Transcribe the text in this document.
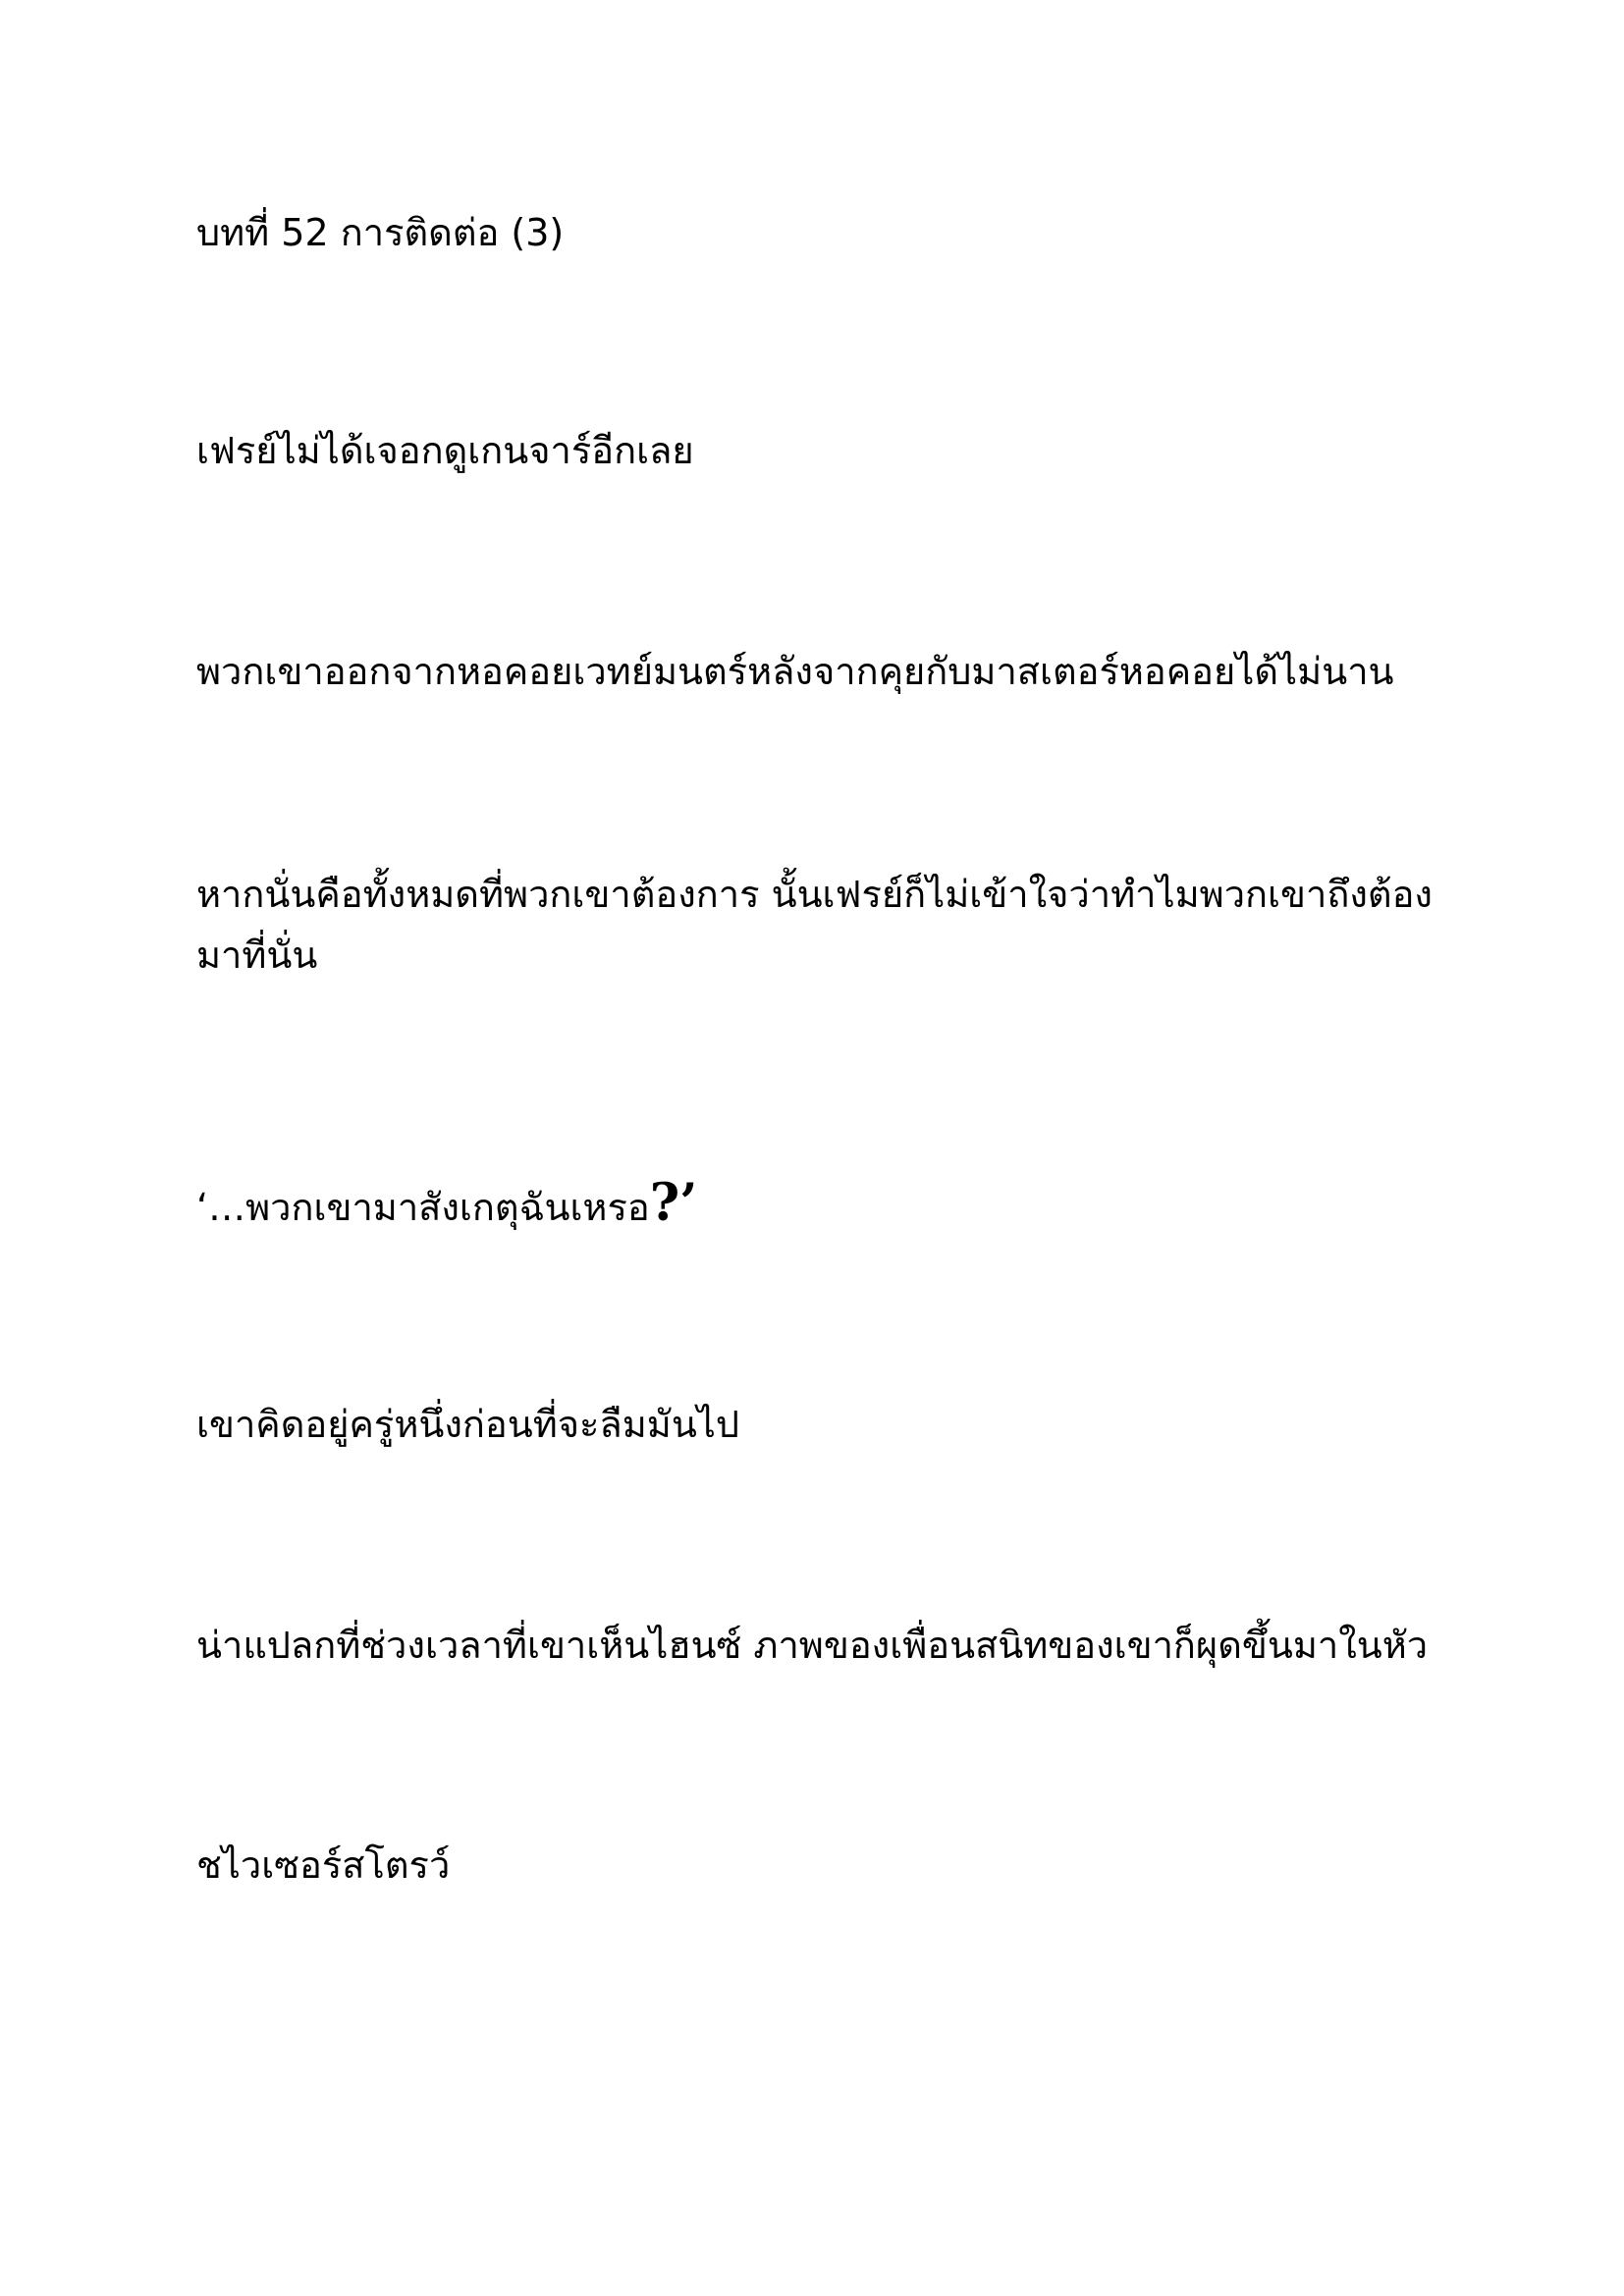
บทที่ 52 การติดต่อ (3)

เฟรย์ไม่ได้เจอกดูเกนจาร์อีกเลย

พวกเขาออกจากหอคอยเวทย์มนตร์หลังจากคุยกับมาสเตอร์หอคอยได้ไม่นาน

หากนั่นคือทั้งหมดที่พวกเขาต้องการ นั้นเฟรย์ก็ไม่เข้าใจว่าทำไมพวกเขาถึงต้องมาที่นั่น

‘…พวกเขามาสังเกตุฉันเหรอ?’

เขาคิดอยู่ครู่หนึ่งก่อนที่จะลืมมันไป

น่าแปลกที่ช่วงเวลาที่เขาเห็นไฮนซ์ ภาพของเพื่อนสนิทของเขาก็ผุดขึ้นมาในหัว

ชไวเซอร์สโตรว์
